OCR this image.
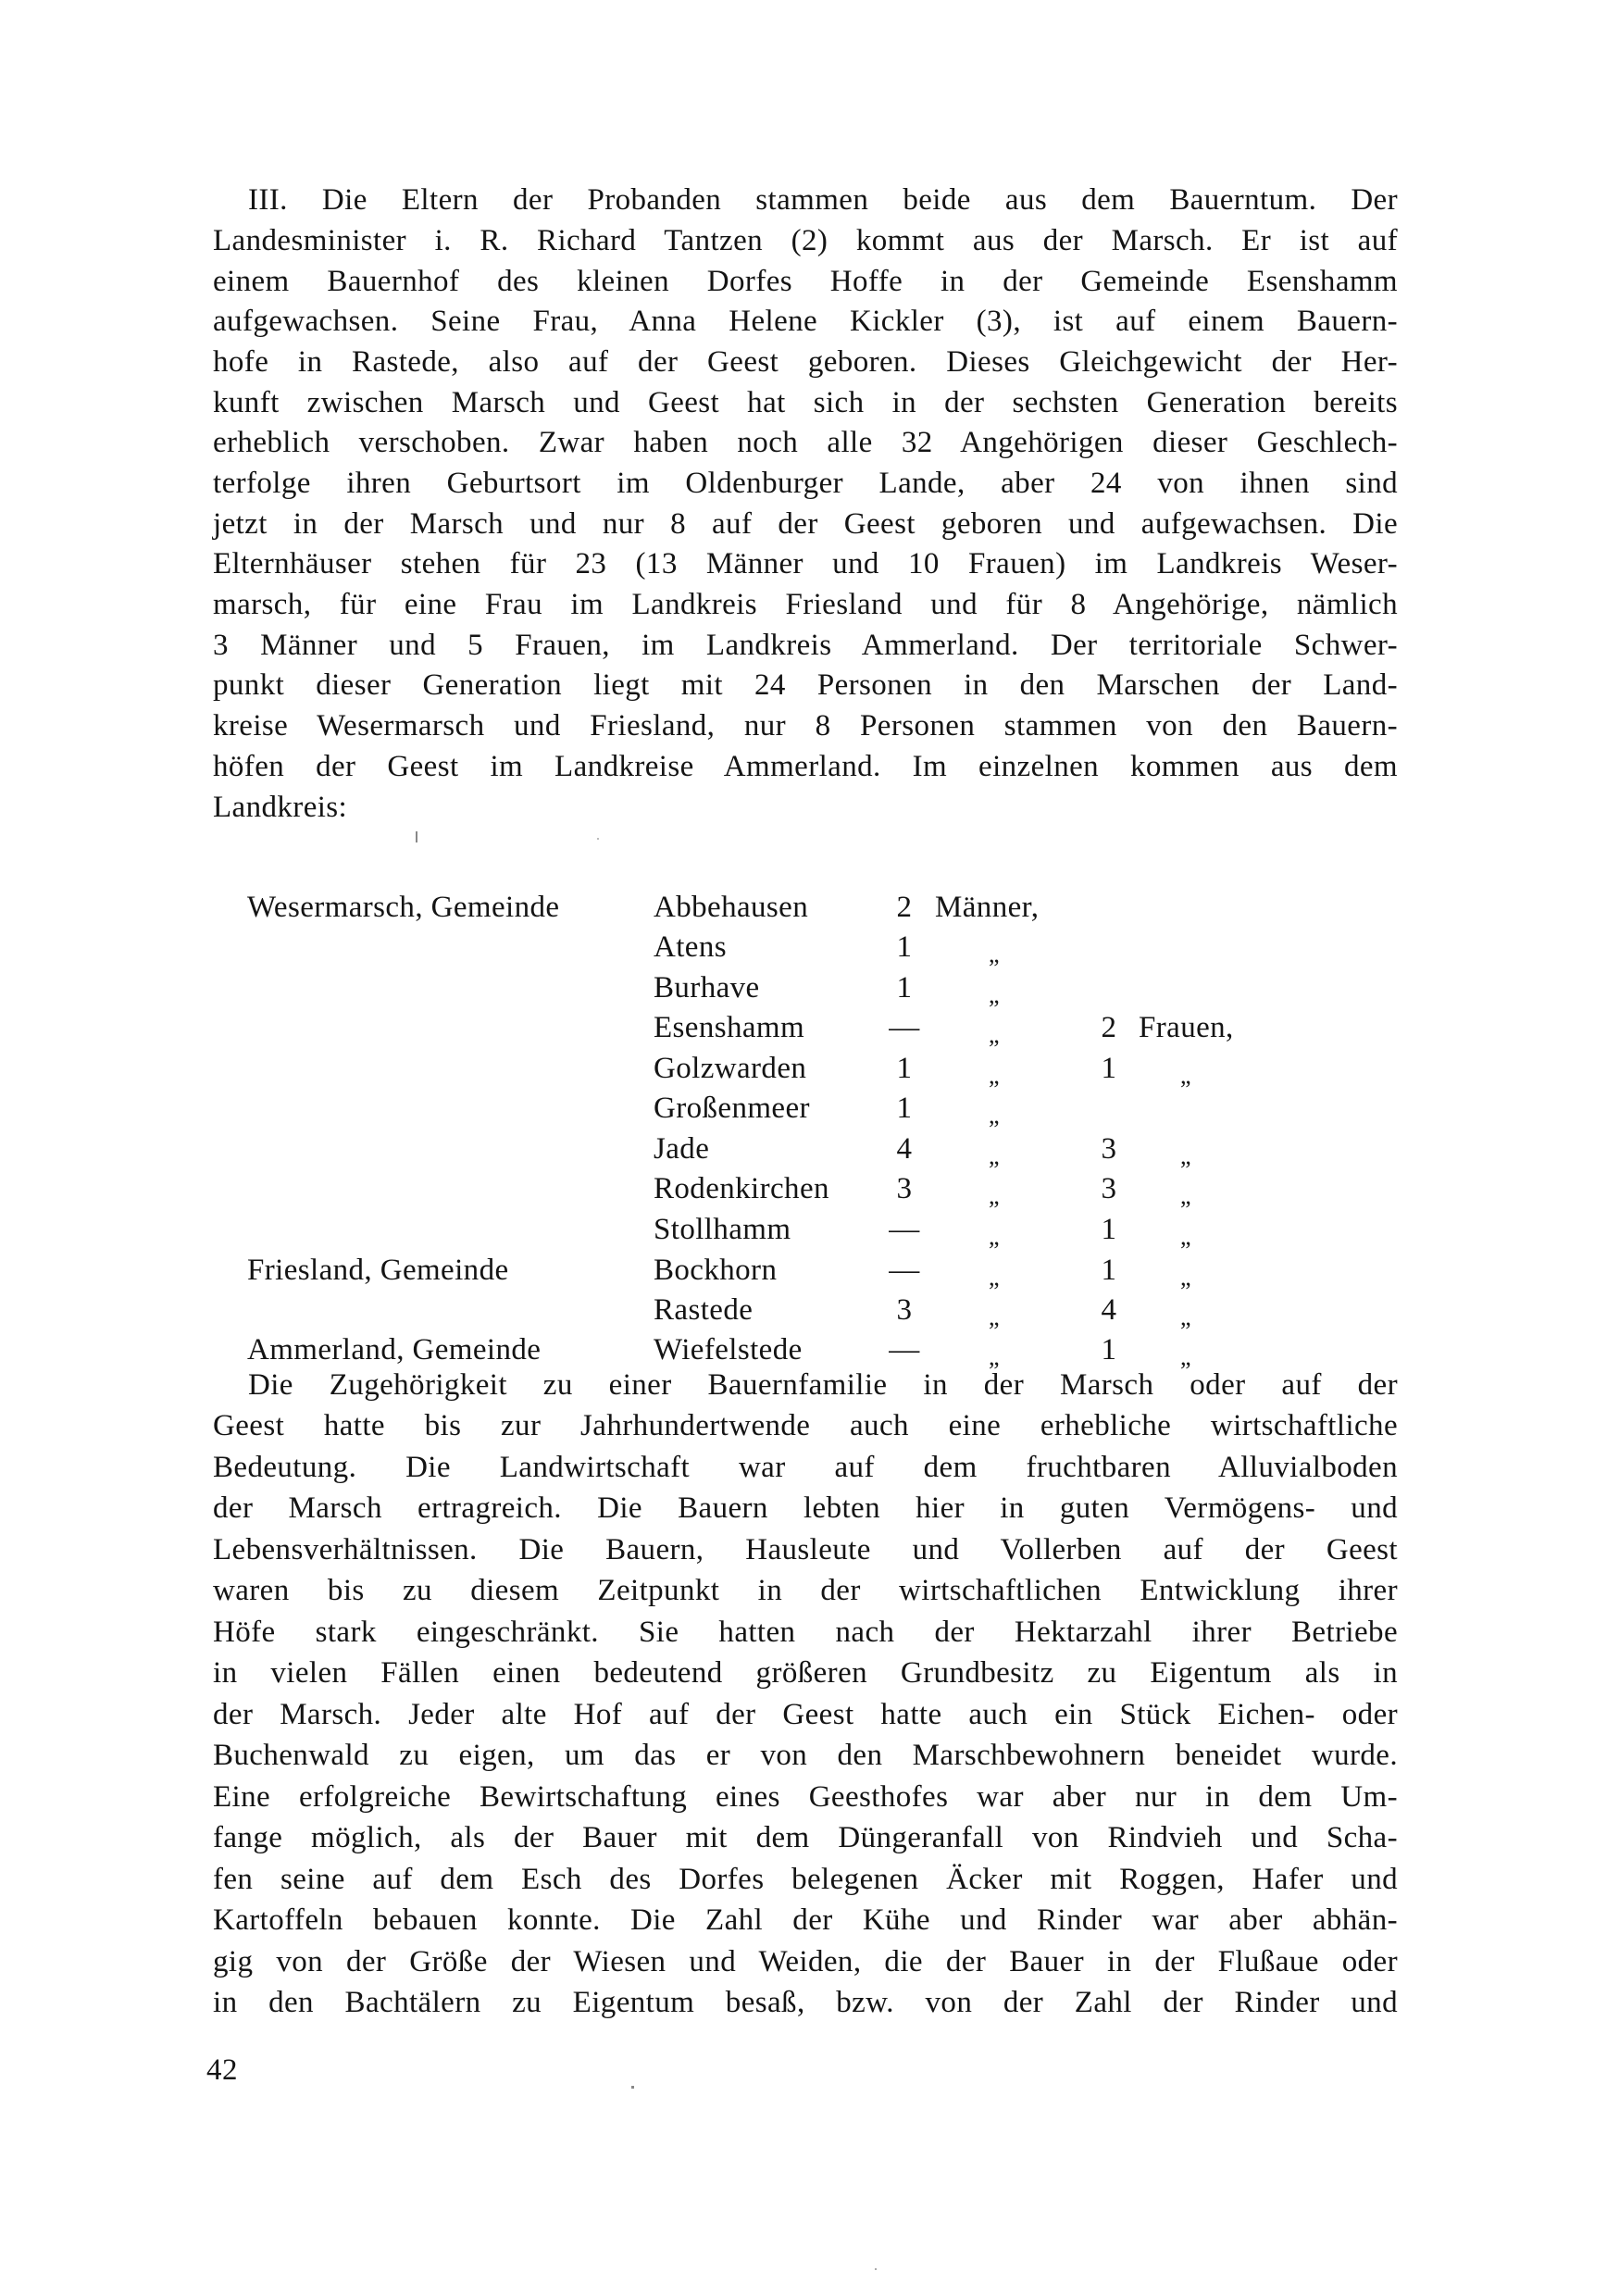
III. Die Eltern der Probanden stammen beide aus dem Bauerntum. Der
Landesminister i. R. Richard Tantzen (2) kommt aus der Marsch. Er ist auf
einem Bauernhof des kleinen Dorfes Hoffe in der Gemeinde Esenshamm
aufgewachsen. Seine Frau, Anna Helene Kickler (3), ist auf einem Bauern-
hofe in Rastede, also auf der Geest geboren. Dieses Gleichgewicht der Her-
kunft zwischen Marsch und Geest hat sich in der sechsten Generation bereits
erheblich verschoben. Zwar haben noch alle 32 Angehörigen dieser Geschlech-
terfolge ihren Geburtsort im Oldenburger Lande, aber 24 von ihnen sind
jetzt in der Marsch und nur 8 auf der Geest geboren und aufgewachsen. Die
Elternhäuser stehen für 23 (13 Männer und 10 Frauen) im Landkreis Weser-
marsch, für eine Frau im Landkreis Friesland und für 8 Angehörige, nämlich
3 Männer und 5 Frauen, im Landkreis Ammerland. Der territoriale Schwer-
punkt dieser Generation liegt mit 24 Personen in den Marschen der Land-
kreise Wesermarsch und Friesland, nur 8 Personen stammen von den Bauern-
höfen der Geest im Landkreise Ammerland. Im einzelnen kommen aus dem
Landkreis:
Wesermarsch, Gemeinde	Abbehausen	2 Männer,
Atens	1	„
Burhave	1	„
Esenshamm	—	„	2 Frauen,
Golzwarden	1	„	1	„
Großenmeer	1	„
Jade	4	„	3	„
Rodenkirchen 3	„	3	„
Stollhamm	—	„	1	„
Friesland, Gemeinde	Bockhorn	—	„	1	„
Rastede	3	„	4	„
Ammerland, Gemeinde	Wiefelstede	—	„	1	„
Die Zugehörigkeit zu einer Bauernfamilie in der Marsch oder auf der
Geest hatte bis zur Jahrhundertwende auch eine erhebliche wirtschaftliche
Bedeutung. Die Landwirtschaft war auf dem fruchtbaren Alluvialboden
der Marsch ertragreich. Die Bauern lebten hier in guten Vermögens- und
Lebensverhältnissen. Die Bauern, Hausleute und Vollerben auf der Geest
waren bis zu diesem Zeitpunkt in der wirtschaftlichen Entwicklung ihrer
Höfe stark eingeschränkt. Sie hatten nach der Hektarzahl ihrer Betriebe
in vielen Fällen einen bedeutend größeren Grundbesitz zu Eigentum als in
der Marsch. Jeder alte Hof auf der Geest hatte auch ein Stück Eichen- oder
Buchenwald zu eigen, um das er von den Marschbewohnern beneidet wurde.
Eine erfolgreiche Bewirtschaftung eines Geesthofes war aber nur in dem Um-
fange möglich, als der Bauer mit dem Düngeranfall von Rindvieh und Scha-
fen seine auf dem Esch des Dorfes belegenen Äcker mit Roggen, Hafer und
Kartoffeln bebauen konnte. Die Zahl der Kühe und Rinder war aber abhän-
gig von der Größe der Wiesen und Weiden, die der Bauer in der Flußaue oder
in den Bachtälern zu Eigentum besaß, bzw. von der Zahl der Rinder und
42
